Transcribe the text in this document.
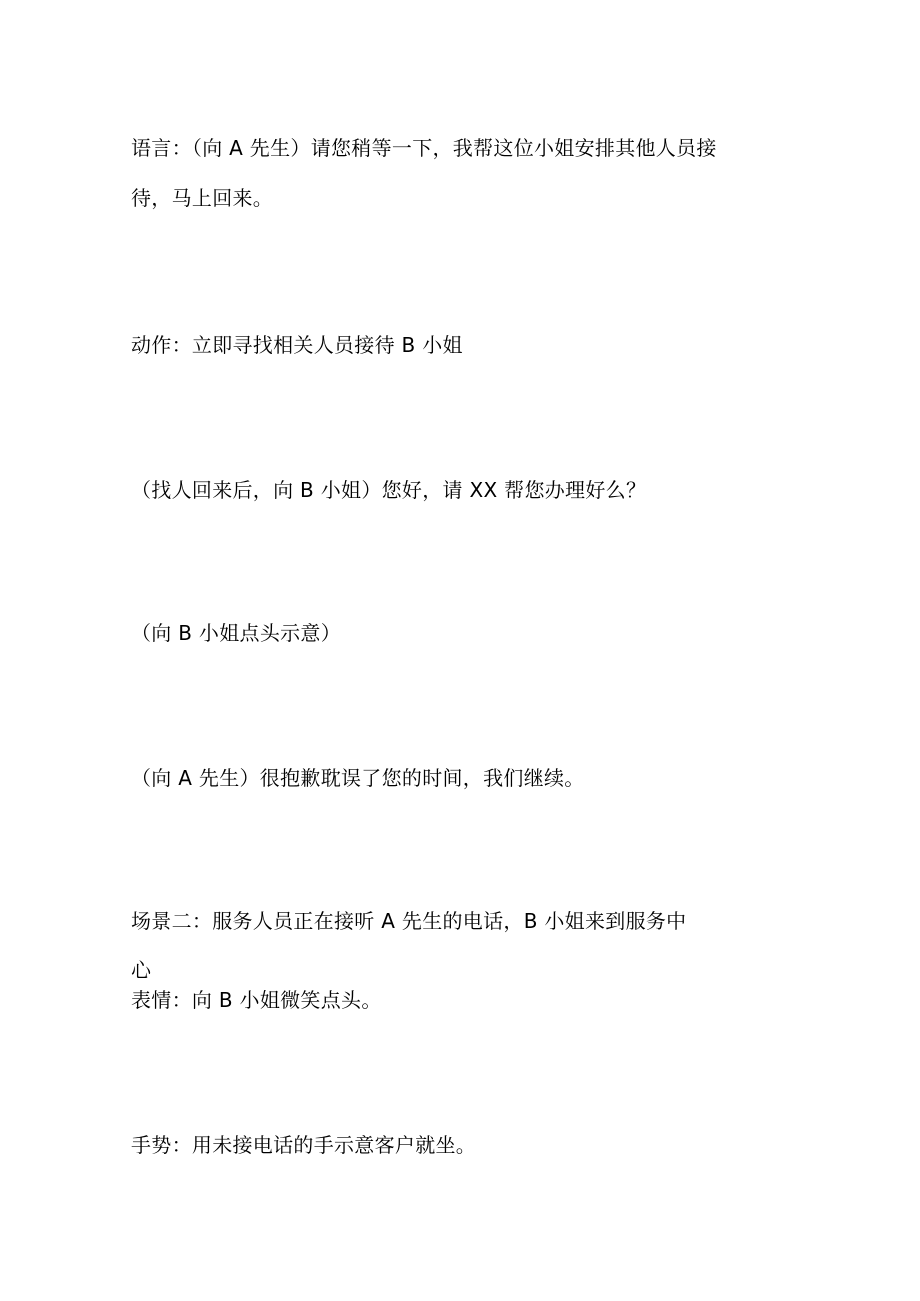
语言：（向 A 先生）请您稍等一下，我帮这位小姐安排其他人员接
待，马上回来。
动作：立即寻找相关人员接待 B 小姐
（找人回来后，向 B 小姐）您好，请 XX 帮您办理好么？
（向 B 小姐点头示意）
（向 A 先生）很抱歉耽误了您的时间，我们继续。
场景二：服务人员正在接听 A 先生的电话，B 小姐来到服务中
心
表情：向 B 小姐微笑点头。
手势：用未接电话的手示意客户就坐。
